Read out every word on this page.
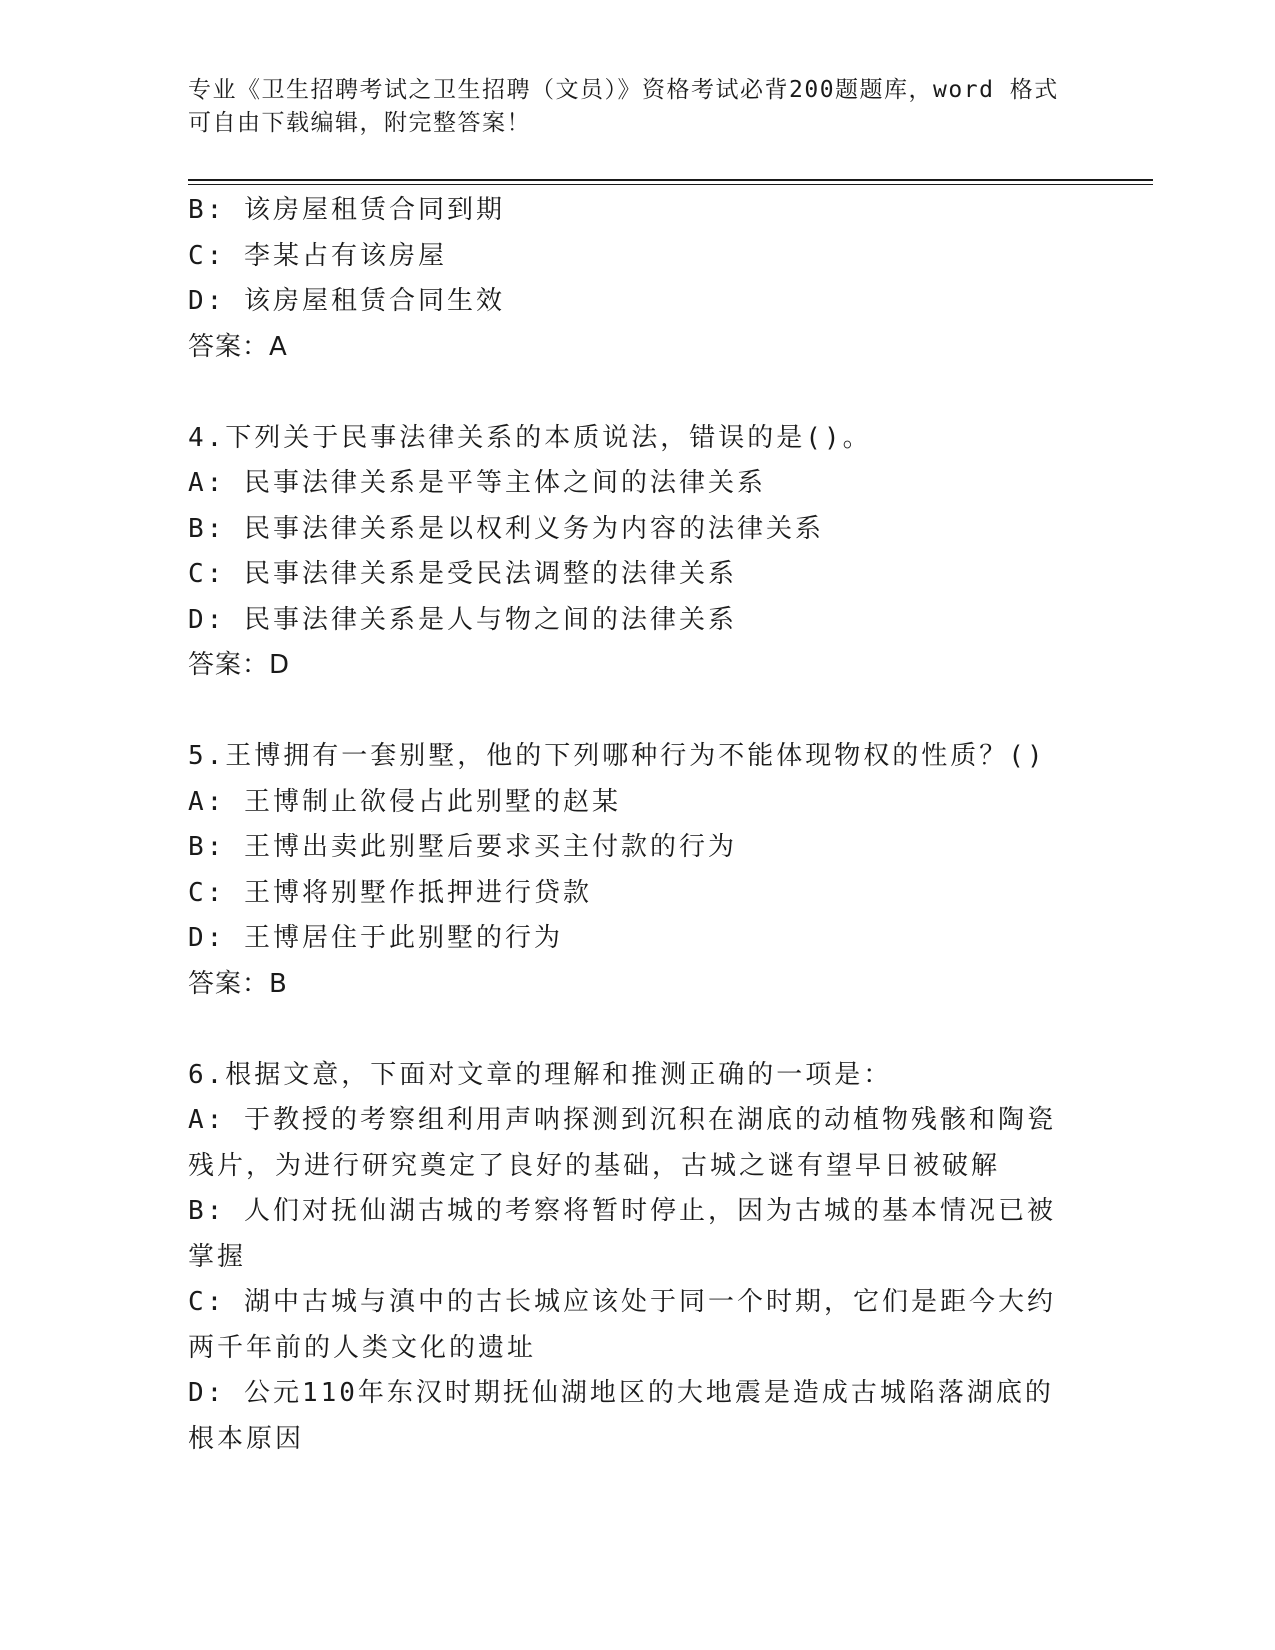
专业《卫生招聘考试之卫生招聘（文员）》资格考试必背200题题库，word 格式
可自由下载编辑，附完整答案！
B: 该房屋租赁合同到期
C: 李某占有该房屋
D: 该房屋租赁合同生效
答案：A
4.下列关于民事法律关系的本质说法，错误的是()。
A: 民事法律关系是平等主体之间的法律关系
B: 民事法律关系是以权利义务为内容的法律关系
C: 民事法律关系是受民法调整的法律关系
D: 民事法律关系是人与物之间的法律关系
答案：D
5.王博拥有一套别墅，他的下列哪种行为不能体现物权的性质？()
A: 王博制止欲侵占此别墅的赵某
B: 王博出卖此别墅后要求买主付款的行为
C: 王博将别墅作抵押进行贷款
D: 王博居住于此别墅的行为
答案：B
6.根据文意，下面对文章的理解和推测正确的一项是：
A: 于教授的考察组利用声呐探测到沉积在湖底的动植物残骸和陶瓷残片，为进行研究奠定了良好的基础，古城之谜有望早日被破解
B: 人们对抚仙湖古城的考察将暂时停止，因为古城的基本情况已被掌握
C: 湖中古城与滇中的古长城应该处于同一个时期，它们是距今大约两千年前的人类文化的遗址
D: 公元110年东汉时期抚仙湖地区的大地震是造成古城陷落湖底的根本原因
